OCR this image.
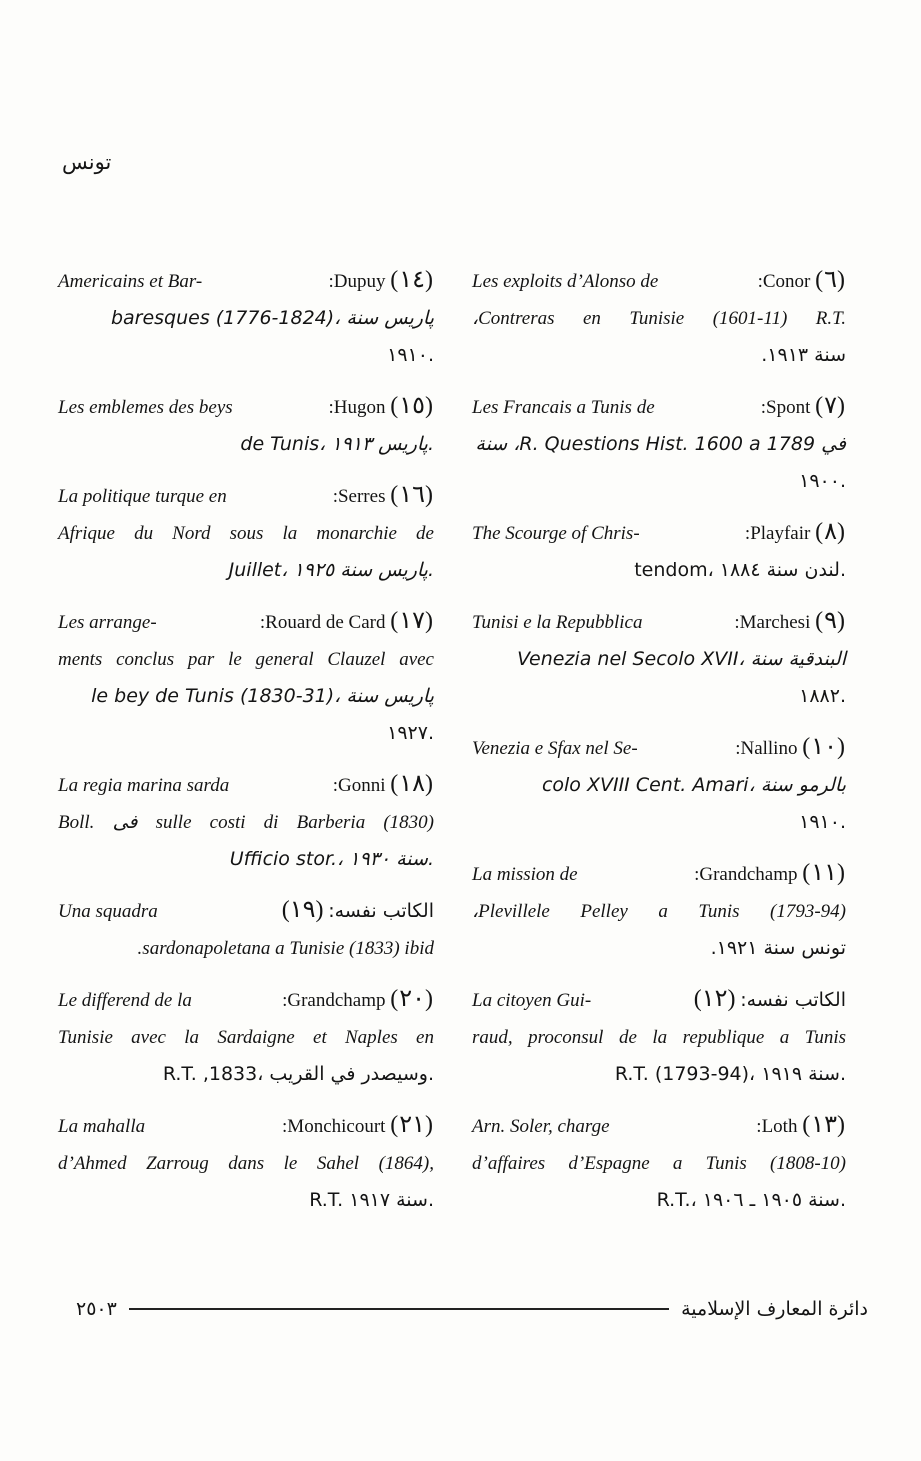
تونس

Les exploits d’Alonso de	:Conor (٦)

،Contreras en Tunisie (1601-11) R.T.

سنة ١٩١٣.

Les Francais a Tunis de	:Spont (٧)

في R. Questions Hist. 1600 a 1789، سنة

١٩٠٠.

The Scourge of Chris-	:Playfair (٨)

tendom، لندن سنة ١٨٨٤.

Tunisi e la Repubblica	:Marchesi (٩)

Venezia nel Secolo XVII، البندقية سنة

١٨٨٢.

Venezia e Sfax nel Se-	:Nallino (١٠)

colo XVIII Cent. Amari، بالرمو سنة

١٩١٠.

La mission de	:Grandchamp (١١)

،Plevillele Pelley a Tunis (1793-94)

تونس سنة ١٩٢١.

La citoyen Gui-	الكاتب نفسه: (١٢)

raud, proconsul de la republique a Tunis

R.T. (1793-94)، سنة ١٩١٩.

Arn. Soler, charge	:Loth (١٣)

d’affaires d’Espagne a Tunis (1808-10)

R.T.، سنة ١٩٠٥ ـ ١٩٠٦.

Americains et Bar-	:Dupuy (١٤)

baresques (1776-1824)، پاريس سنة

١٩١٠.

Les emblemes des beys	:Hugon (١٥)

de Tunis، پاريس ١٩١٣.

La politique turque en	:Serres (١٦)

Afrique du Nord sous la monarchie de

Juillet، پاريس سنة ١٩٢٥.

Les arrange-	:Rouard de Card (١٧)

ments conclus par le general Clauzel avec

le bey de Tunis (1830-31)، پاريس سنة

١٩٢٧.

La regia marina sarda	:Gonni (١٨)

Boll. فى sulle costi di Barberia (1830)

Ufficio stor.، سنة ١٩٣٠.

Una squadra	الكاتب نفسه: (١٩)

.sardonapoletana a Tunisie (1833) ibid

Le differend de la	:Grandchamp (٢٠)

Tunisie avec la Sardaigne et Naples en

R.T. ,1833، وسيصدر في القريب.

La mahalla	:Monchicourt (٢١)

d’Ahmed Zarroug dans le Sahel (1864),

R.T. سنة ١٩١٧.

٢٥٠٣	دائرة المعارف الإسلامية
